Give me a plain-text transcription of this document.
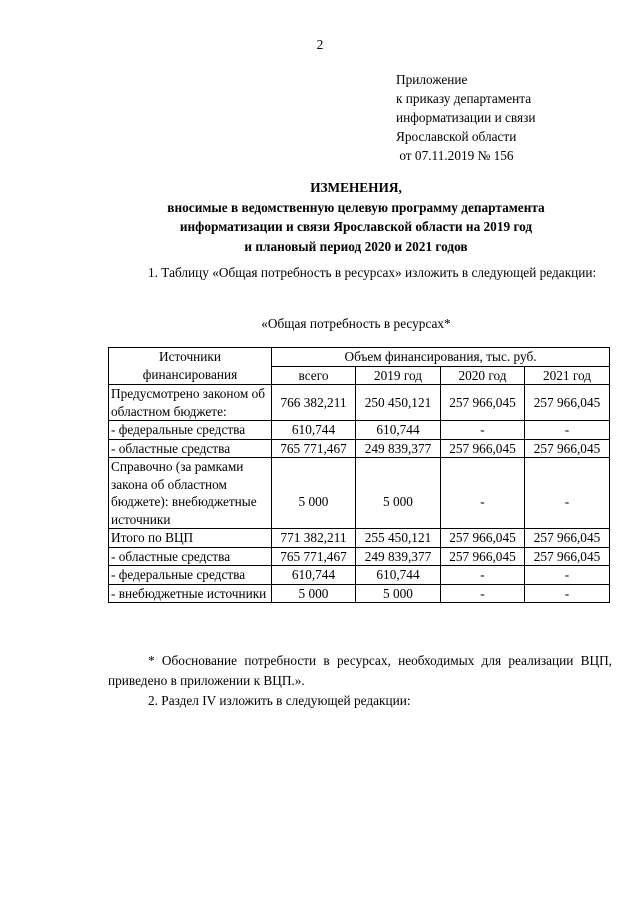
2
Приложение
к приказу департамента
информатизации и связи
Ярославской области
от 07.11.2019 № 156
ИЗМЕНЕНИЯ,
вносимые в ведомственную целевую программу департамента
информатизации и связи Ярославской области на 2019 год
и плановый период 2020 и 2021 годов
1. Таблицу «Общая потребность в ресурсах» изложить в следующей редакции:
«Общая потребность в ресурсах*
Источники финансирования	Объем финансирования, тыс. руб.			
	всего	2019 год	2020 год	2021 год
Предусмотрено законом об областном бюджете:	766 382,211	250 450,121	257 966,045	257 966,045
- федеральные средства	610,744	610,744	-	-
- областные средства	765 771,467	249 839,377	257 966,045	257 966,045
Справочно (за рамками закона об областном бюджете): внебюджетные источники	5 000	5 000	-	-
Итого по ВЦП	771 382,211	255 450,121	257 966,045	257 966,045
- областные средства	765 771,467	249 839,377	257 966,045	257 966,045
- федеральные средства	610,744	610,744	-	-
- внебюджетные источники	5 000	5 000	-	-
* Обоснование потребности в ресурсах, необходимых для реализации ВЦП, приведено в приложении к ВЦП.».
2. Раздел IV изложить в следующей редакции:
